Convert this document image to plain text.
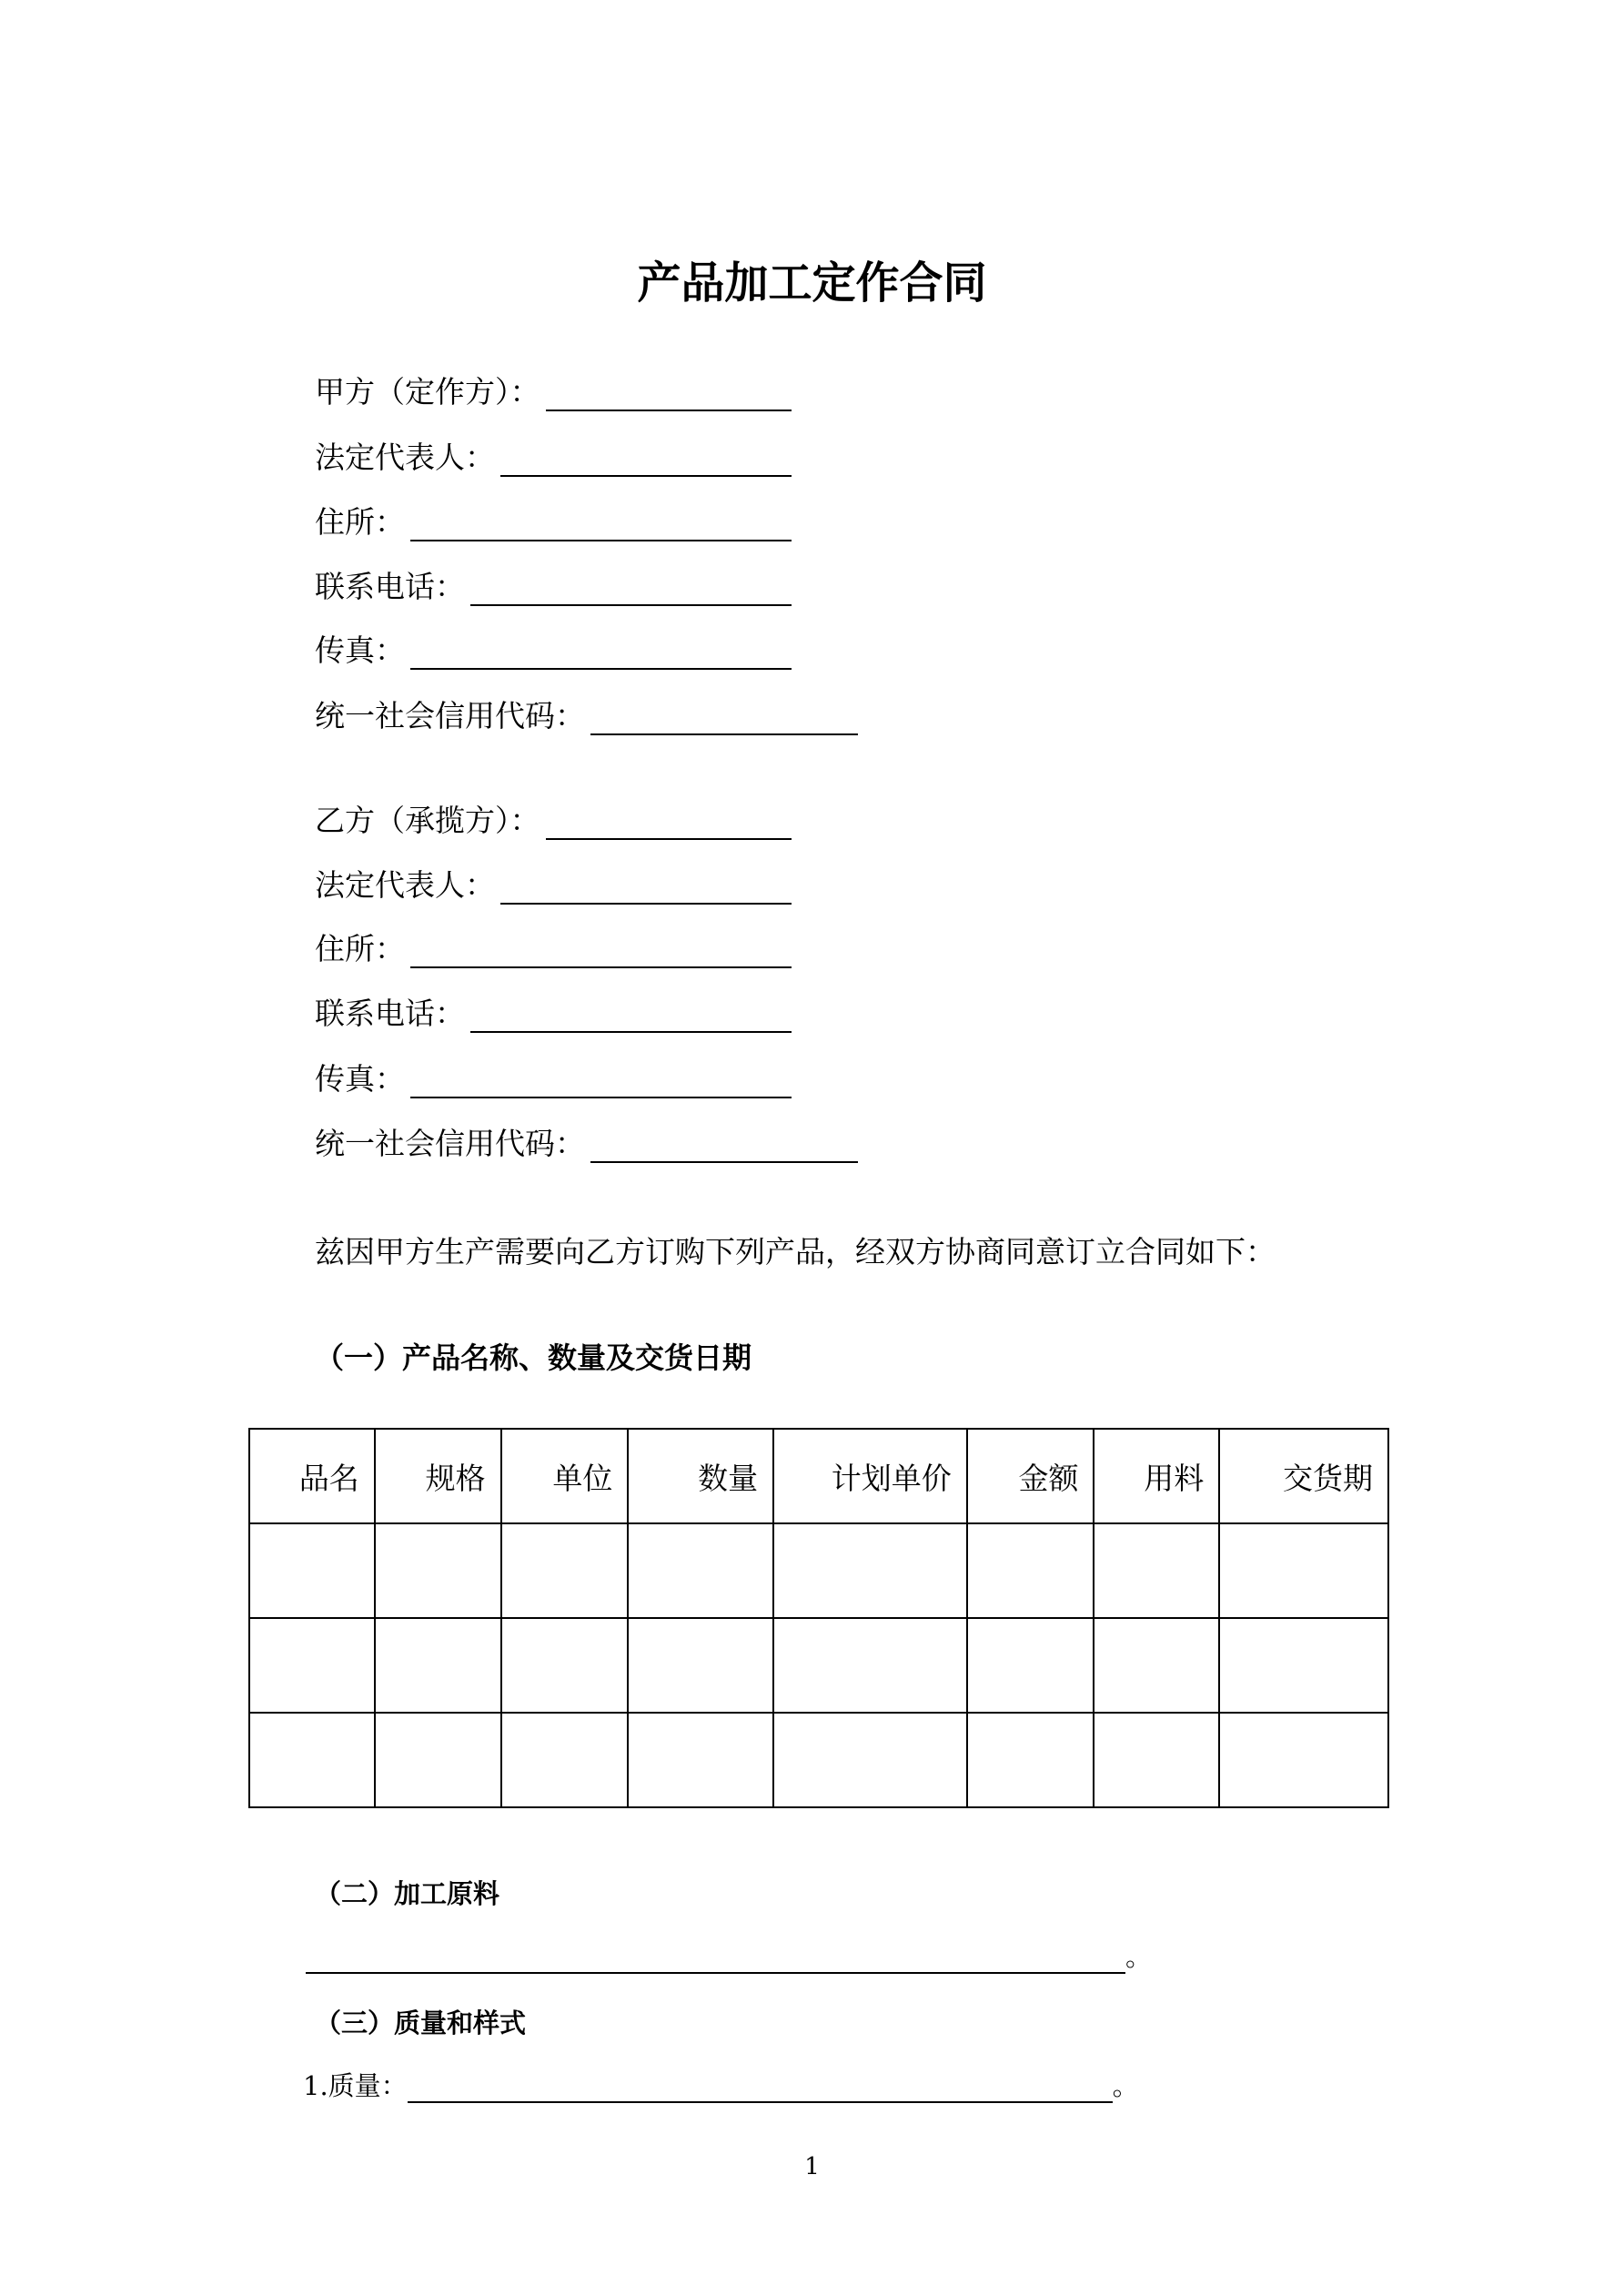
产品加工定作合同
甲方（定作方）：
法定代表人：
住所：
联系电话：
传真：
统一社会信用代码：
乙方（承揽方）：
法定代表人：
住所：
联系电话：
传真：
统一社会信用代码：
兹因甲方生产需要向乙方订购下列产品，经双方协商同意订立合同如下：
（一）产品名称、数量及交货日期
品名	规格	单位	数量	计划单价	金额	用料	交货期

（二）加工原料
。
（三）质量和样式
1.质量：	。
1
